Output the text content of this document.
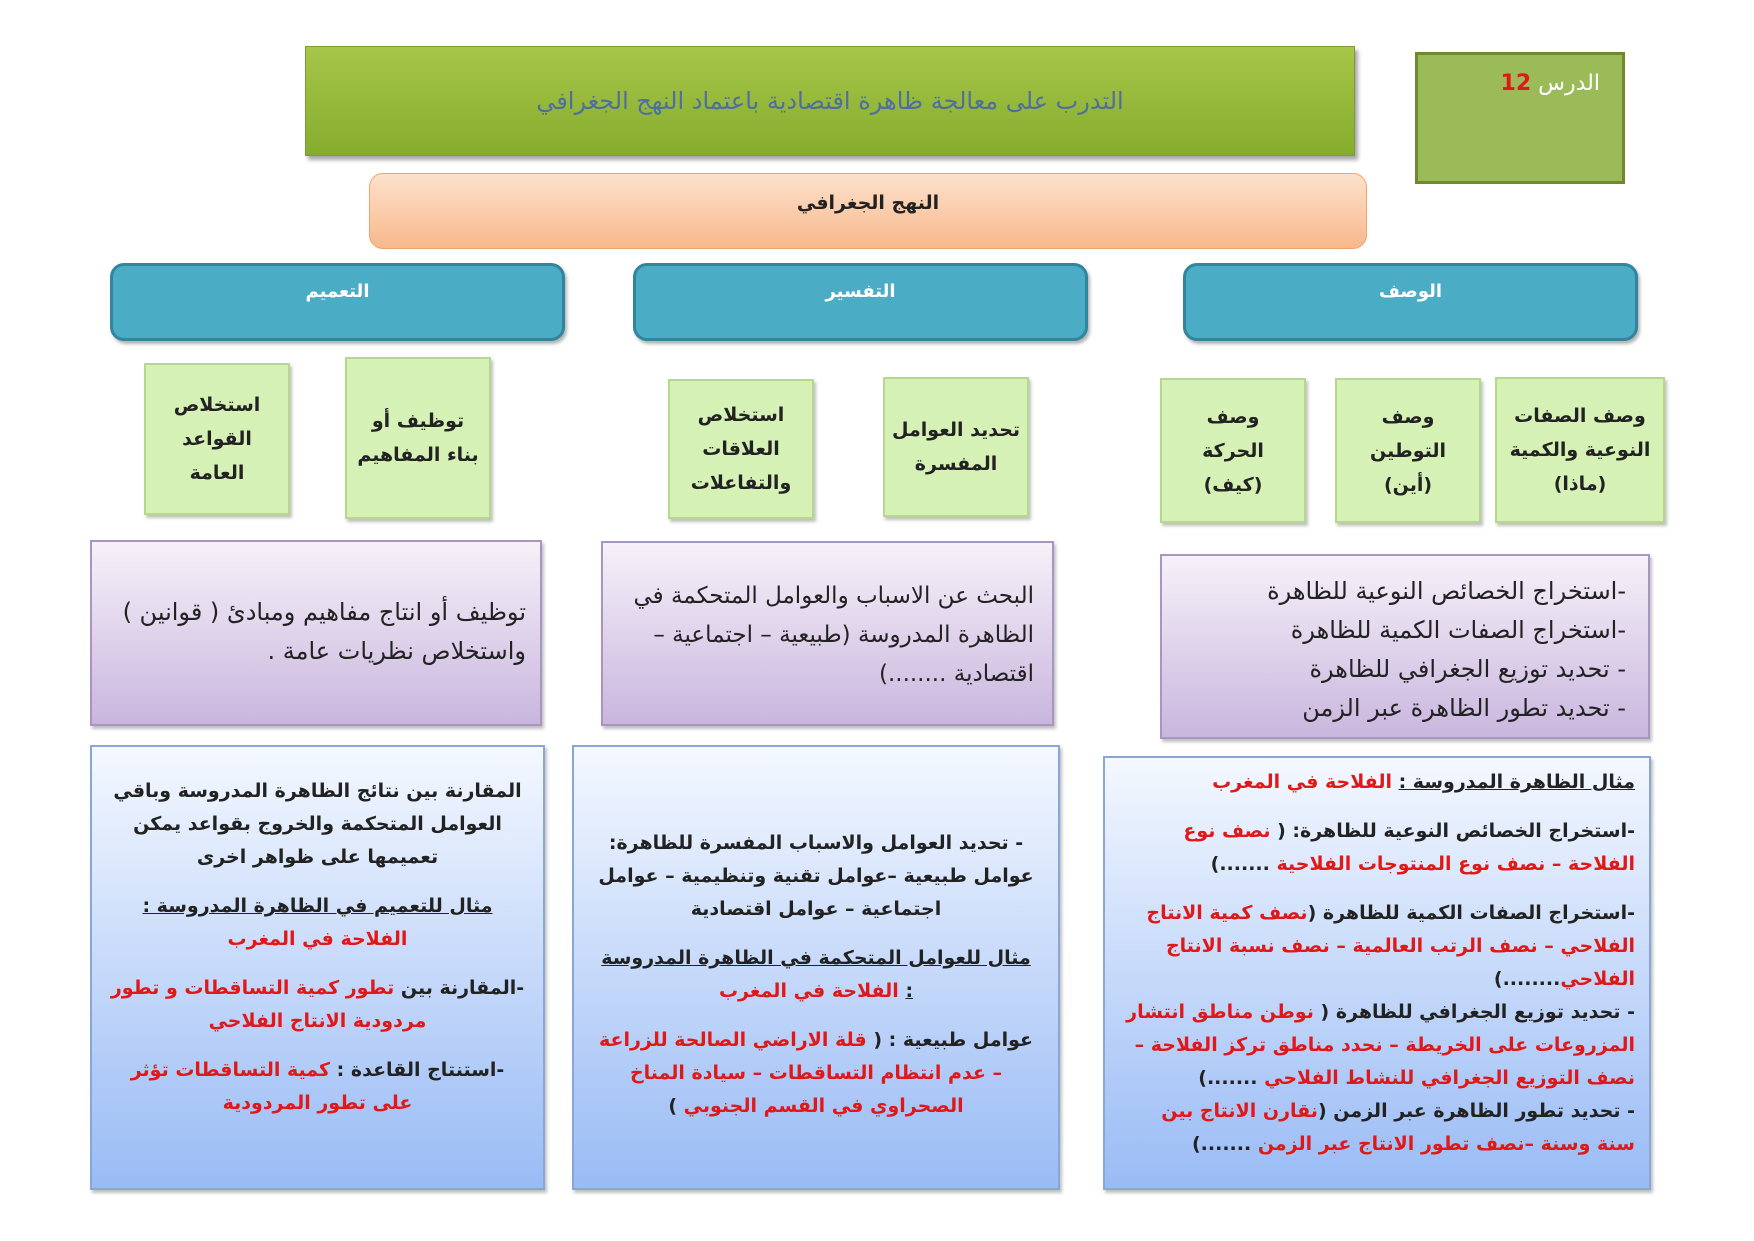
التدرب على معالجة ظاهرة اقتصادية باعتماد النهج الجغرافي
الدرس 12
النهج الجغرافي
الوصف
التفسير
التعميم
وصف الصفات
النوعية والكمية
(ماذا)
وصف
التوطين
(أين)
وصف
الحركة
(كيف)
تحديد العوامل
المفسرة
استخلاص
العلاقات
والتفاعلات
توظيف أو
بناء المفاهيم
استخلاص
القواعد
العامة
-استخراج الخصائص النوعية للظاهرة
-استخراج الصفات الكمية للظاهرة
- تحديد توزيع الجغرافي للظاهرة
- تحديد تطور الظاهرة عبر الزمن
البحث عن الاسباب والعوامل المتحكمة في
الظاهرة المدروسة (طبيعية – اجتماعية –
اقتصادية ........)
توظيف أو انتاج مفاهيم ومبادئ ( قوانين )
واستخلاص نظريات عامة .

مثال الظاهرة المدروسة : الفلاحة في المغرب

-استخراج الخصائص النوعية للظاهرة: ( نصف نوع الفلاحة – نصف نوع المنتوجات الفلاحية .......)

-استخراج الصفات الكمية للظاهرة (نصف كمية الانتاج الفلاحي – نصف الرتب العالمية – نصف نسبة الانتاج الفلاحي........)

- تحديد توزيع الجغرافي للظاهرة ( نوطن مناطق انتشار المزروعات على الخريطة – نحدد مناطق تركز الفلاحة – نصف التوزيع الجغرافي للنشاط الفلاحي .......)

- تحديد تطور الظاهرة عبر الزمن (نقارن الانتاج بين سنة وسنة –نصف تطور الانتاج عبر الزمن .......)

- تحديد العوامل والاسباب المفسرة للظاهرة: عوامل طبيعية –عوامل تقنية وتنظيمية – عوامل اجتماعية – عوامل اقتصادية

مثال للعوامل المتحكمة في الظاهرة المدروسة : الفلاحة في المغرب

عوامل طبيعية : ( قلة الاراضي الصالحة للزراعة – عدم انتظام التساقطات – سيادة المناخ الصحراوي في القسم الجنوبي )

المقارنة بين نتائج الظاهرة المدروسة وباقي العوامل المتحكمة والخروج بقواعد يمكن تعميمها على ظواهر اخرى

مثال للتعميم في الظاهرة المدروسة : الفلاحة في المغرب

-المقارنة بين تطور كمية التساقطات و تطور مردودية الانتاج الفلاحي

-استنتاج القاعدة : كمية التساقطات تؤثر على تطور المردودية
